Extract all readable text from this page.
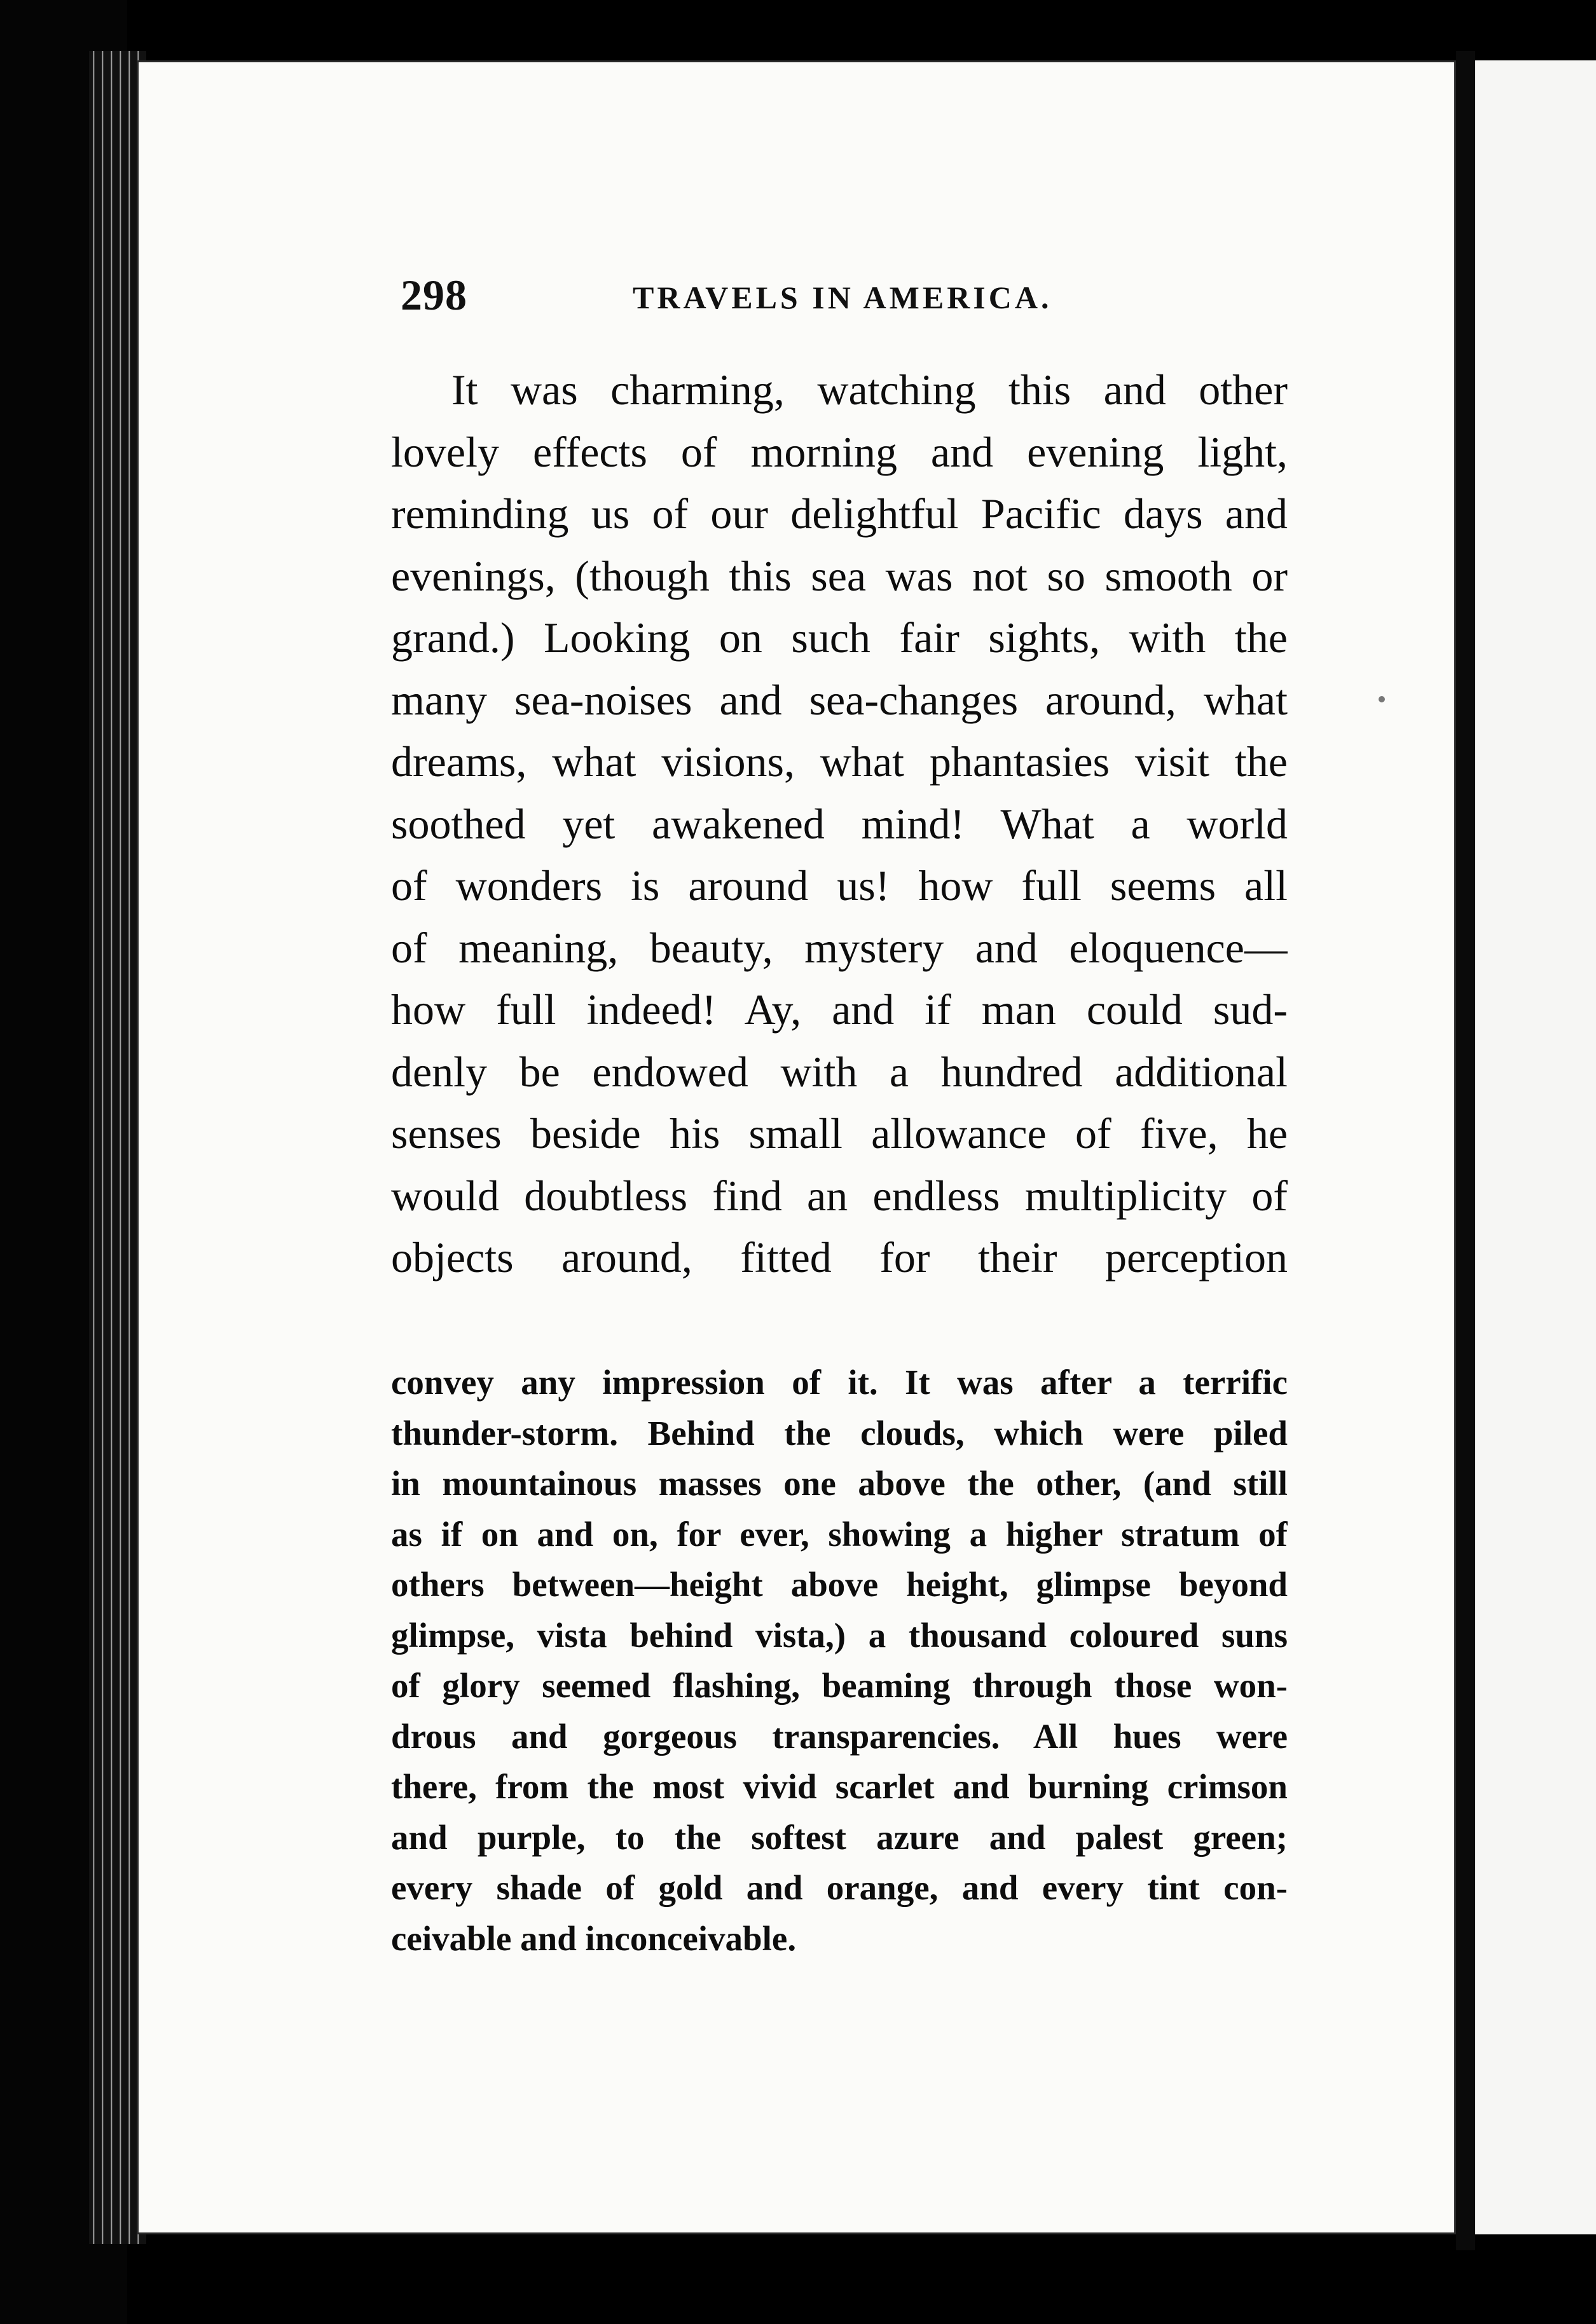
298	TRAVELS IN AMERICA.
It was charming, watching this and other
lovely effects of morning and evening light,
reminding us of our delightful Pacific days and
evenings, (though this sea was not so smooth or
grand.) Looking on such fair sights, with the
many sea-noises and sea-changes around, what
dreams, what visions, what phantasies visit the
soothed yet awakened mind! What a world
of wonders is around us! how full seems all
of meaning, beauty, mystery and eloquence—
how full indeed! Ay, and if man could sud-
denly be endowed with a hundred additional
senses beside his small allowance of five, he
would doubtless find an endless multiplicity of
objects around, fitted for their perception
convey any impression of it. It was after a terrific
thunder-storm. Behind the clouds, which were piled
in mountainous masses one above the other, (and still
as if on and on, for ever, showing a higher stratum of
others between—height above height, glimpse beyond
glimpse, vista behind vista,) a thousand coloured suns
of glory seemed flashing, beaming through those won-
drous and gorgeous transparencies. All hues were
there, from the most vivid scarlet and burning crimson
and purple, to the softest azure and palest green;
every shade of gold and orange, and every tint con-
ceivable and inconceivable.
